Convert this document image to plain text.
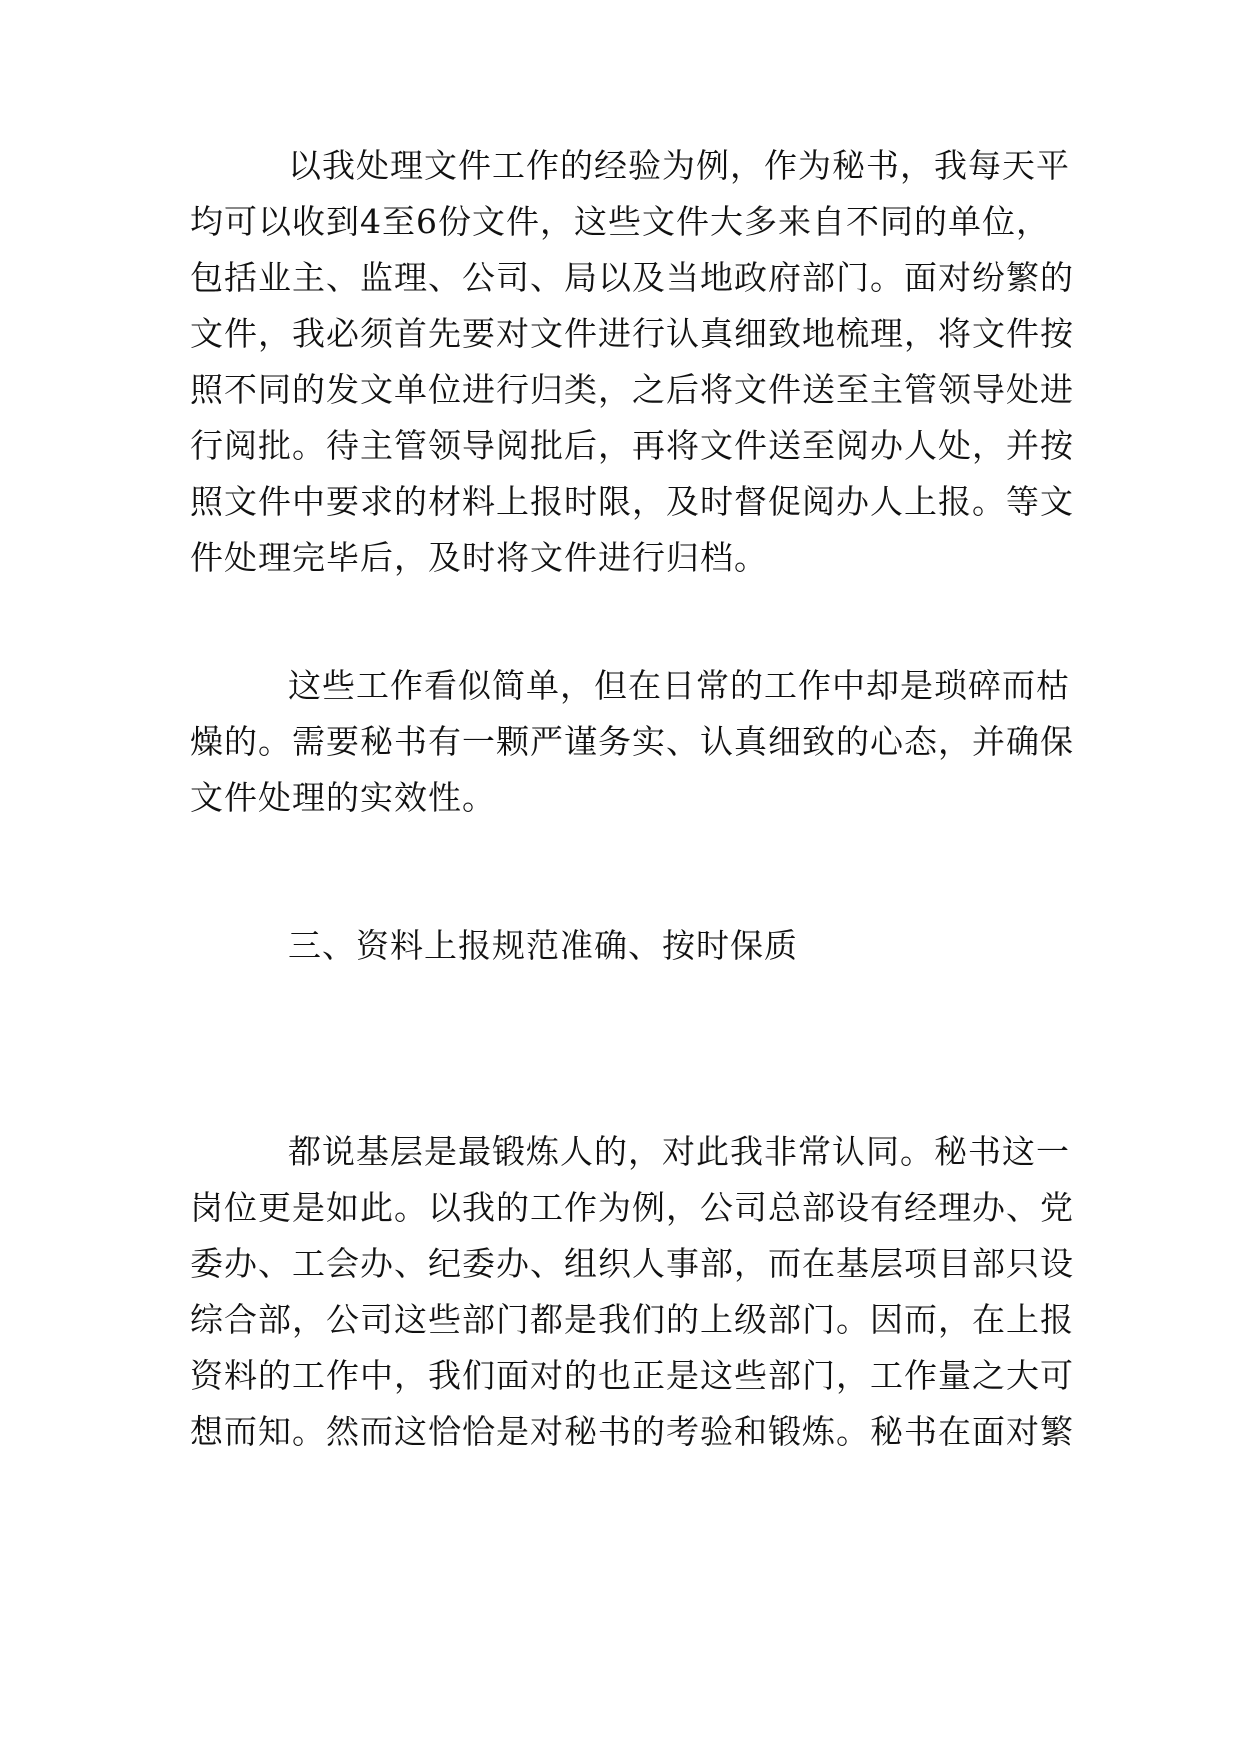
以我处理文件工作的经验为例，作为秘书，我每天平
均可以收到4至6份文件，这些文件大多来自不同的单位，
包括业主、监理、公司、局以及当地政府部门。面对纷繁的
文件，我必须首先要对文件进行认真细致地梳理，将文件按
照不同的发文单位进行归类，之后将文件送至主管领导处进
行阅批。待主管领导阅批后，再将文件送至阅办人处，并按
照文件中要求的材料上报时限，及时督促阅办人上报。等文
件处理完毕后，及时将文件进行归档。
这些工作看似简单，但在日常的工作中却是琐碎而枯
燥的。需要秘书有一颗严谨务实、认真细致的心态，并确保
文件处理的实效性。
三、资料上报规范准确、按时保质
都说基层是最锻炼人的，对此我非常认同。秘书这一
岗位更是如此。以我的工作为例，公司总部设有经理办、党
委办、工会办、纪委办、组织人事部，而在基层项目部只设
综合部，公司这些部门都是我们的上级部门。因而，在上报
资料的工作中，我们面对的也正是这些部门，工作量之大可
想而知。然而这恰恰是对秘书的考验和锻炼。秘书在面对繁
